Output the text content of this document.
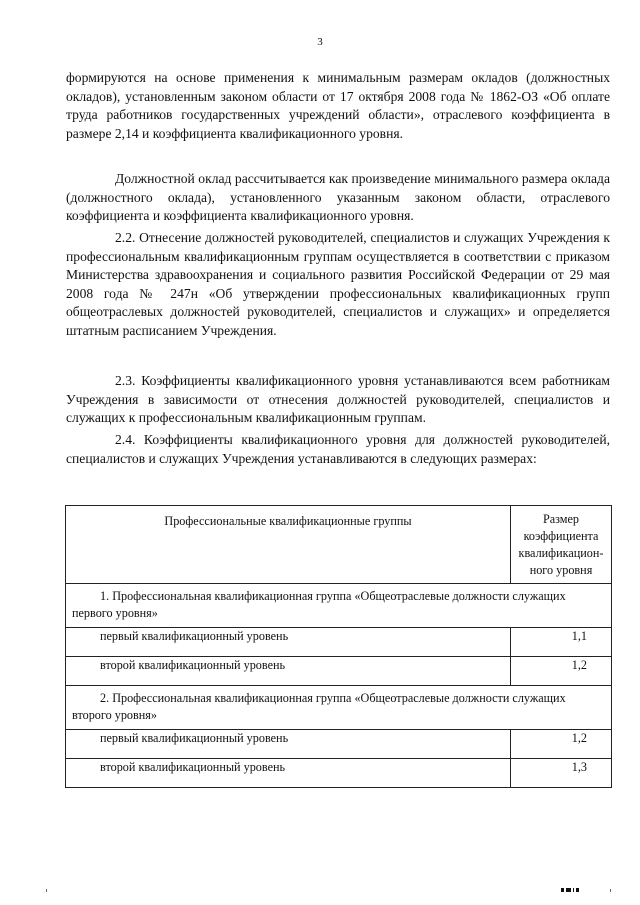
3

формируются на основе применения к минимальным размерам окладов (должностных окладов), установленным законом области от 17 октября 2008 года № 1862-ОЗ «Об оплате труда работников государственных учреждений области», отраслевого коэффициента в размере 2,14 и коэффициента квалификационного уровня.

Должностной оклад рассчитывается как произведение минимального размера оклада (должностного оклада), установленного указанным законом области, отраслевого коэффициента и коэффициента квалификационного уровня.

2.2. Отнесение должностей руководителей, специалистов и служащих Учреждения к профессиональным квалификационным группам осуществляется в соответствии с приказом Министерства здравоохранения и социального развития Российской Федерации от 29 мая 2008 года № 247н «Об утверждении профессиональных квалификационных групп общеотраслевых должностей руководителей, специалистов и служащих» и определяется штатным расписанием Учреждения.

2.3. Коэффициенты квалификационного уровня устанавливаются всем работникам Учреждения в зависимости от отнесения должностей руководителей, специалистов и служащих к профессиональным квалификационным группам.

2.4. Коэффициенты квалификационного уровня для должностей руководителей, специалистов и служащих Учреждения устанавливаются в следующих размерах:

Профессиональные квалификационные группы	Размер коэффициента квалификацион-ного уровня

1. Профессиональная квалификационная группа «Общеотраслевые должности служащих первого уровня»	

первый квалификационный уровень	1,1
второй квалификационный уровень	1,2

2. Профессиональная квалификационная группа «Общеотраслевые должности служащих второго уровня»	

первый квалификационный уровень	1,2
второй квалификационный уровень	1,3
